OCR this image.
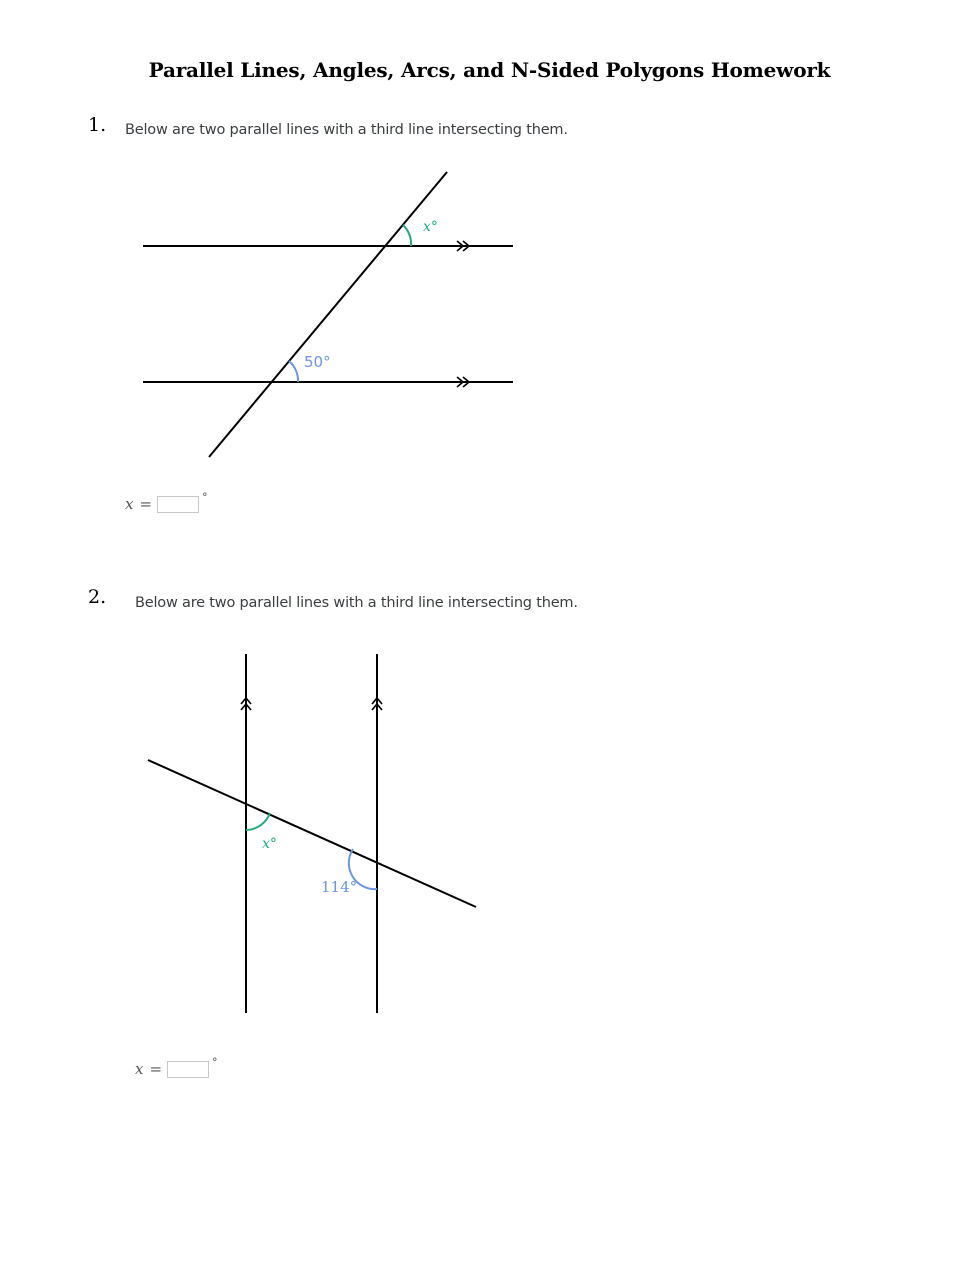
Parallel Lines, Angles, Arcs, and N-Sided Polygons Homework
1. Below are two parallel lines with a third line intersecting them.
x°
50°
x =	°
2. Below are two parallel lines with a third line intersecting them.
x°
114°
x =	°
